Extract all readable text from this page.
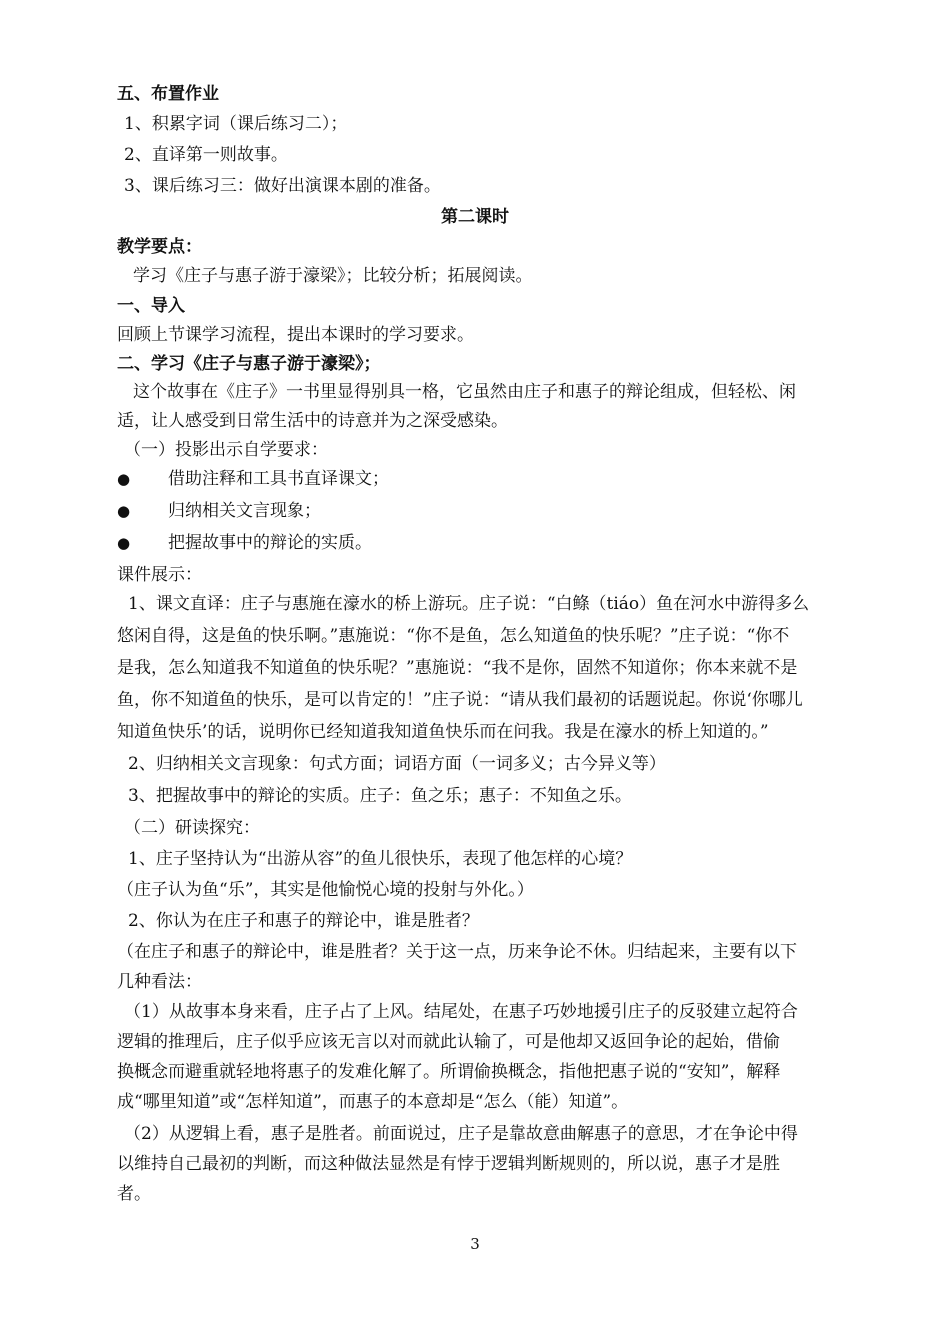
五、布置作业
1、积累字词（课后练习二）；
2、直译第一则故事。
3、课后练习三：做好出演课本剧的准备。
第二课时
教学要点：
学习《庄子与惠子游于濠梁》；比较分析；拓展阅读。
一、导入
回顾上节课学习流程，提出本课时的学习要求。
二、学习《庄子与惠子游于濠梁》；
这个故事在《庄子》一书里显得别具一格，它虽然由庄子和惠子的辩论组成，但轻松、闲
适，让人感受到日常生活中的诗意并为之深受感染。
（一）投影出示自学要求：
●	借助注释和工具书直译课文；
●	归纳相关文言现象；
●	把握故事中的辩论的实质。
课件展示：
1、课文直译：庄子与惠施在濠水的桥上游玩。庄子说：“白鲦（tiáo）鱼在河水中游得多么
悠闲自得，这是鱼的快乐啊。”惠施说：“你不是鱼，怎么知道鱼的快乐呢？”庄子说：“你不
是我，怎么知道我不知道鱼的快乐呢？”惠施说：“我不是你，固然不知道你；你本来就不是
鱼，你不知道鱼的快乐，是可以肯定的！”庄子说：“请从我们最初的话题说起。你说‘你哪儿
知道鱼快乐’的话，说明你已经知道我知道鱼快乐而在问我。我是在濠水的桥上知道的。”
2、归纳相关文言现象：句式方面；词语方面（一词多义；古今异义等）
3、把握故事中的辩论的实质。庄子：鱼之乐；惠子：不知鱼之乐。
（二）研读探究：
1、庄子坚持认为“出游从容”的鱼儿很快乐，表现了他怎样的心境？
（庄子认为鱼“乐”，其实是他愉悦心境的投射与外化。）
2、你认为在庄子和惠子的辩论中，谁是胜者？
（在庄子和惠子的辩论中，谁是胜者？关于这一点，历来争论不休。归结起来，主要有以下
几种看法：
（1）从故事本身来看，庄子占了上风。结尾处，在惠子巧妙地援引庄子的反驳建立起符合
逻辑的推理后，庄子似乎应该无言以对而就此认输了，可是他却又返回争论的起始，借偷
换概念而避重就轻地将惠子的发难化解了。所谓偷换概念，指他把惠子说的“安知”，解释
成“哪里知道”或“怎样知道”，而惠子的本意却是“怎么（能）知道”。
（2）从逻辑上看，惠子是胜者。前面说过，庄子是靠故意曲解惠子的意思，才在争论中得
以维持自己最初的判断，而这种做法显然是有悖于逻辑判断规则的，所以说，惠子才是胜
者。
3
